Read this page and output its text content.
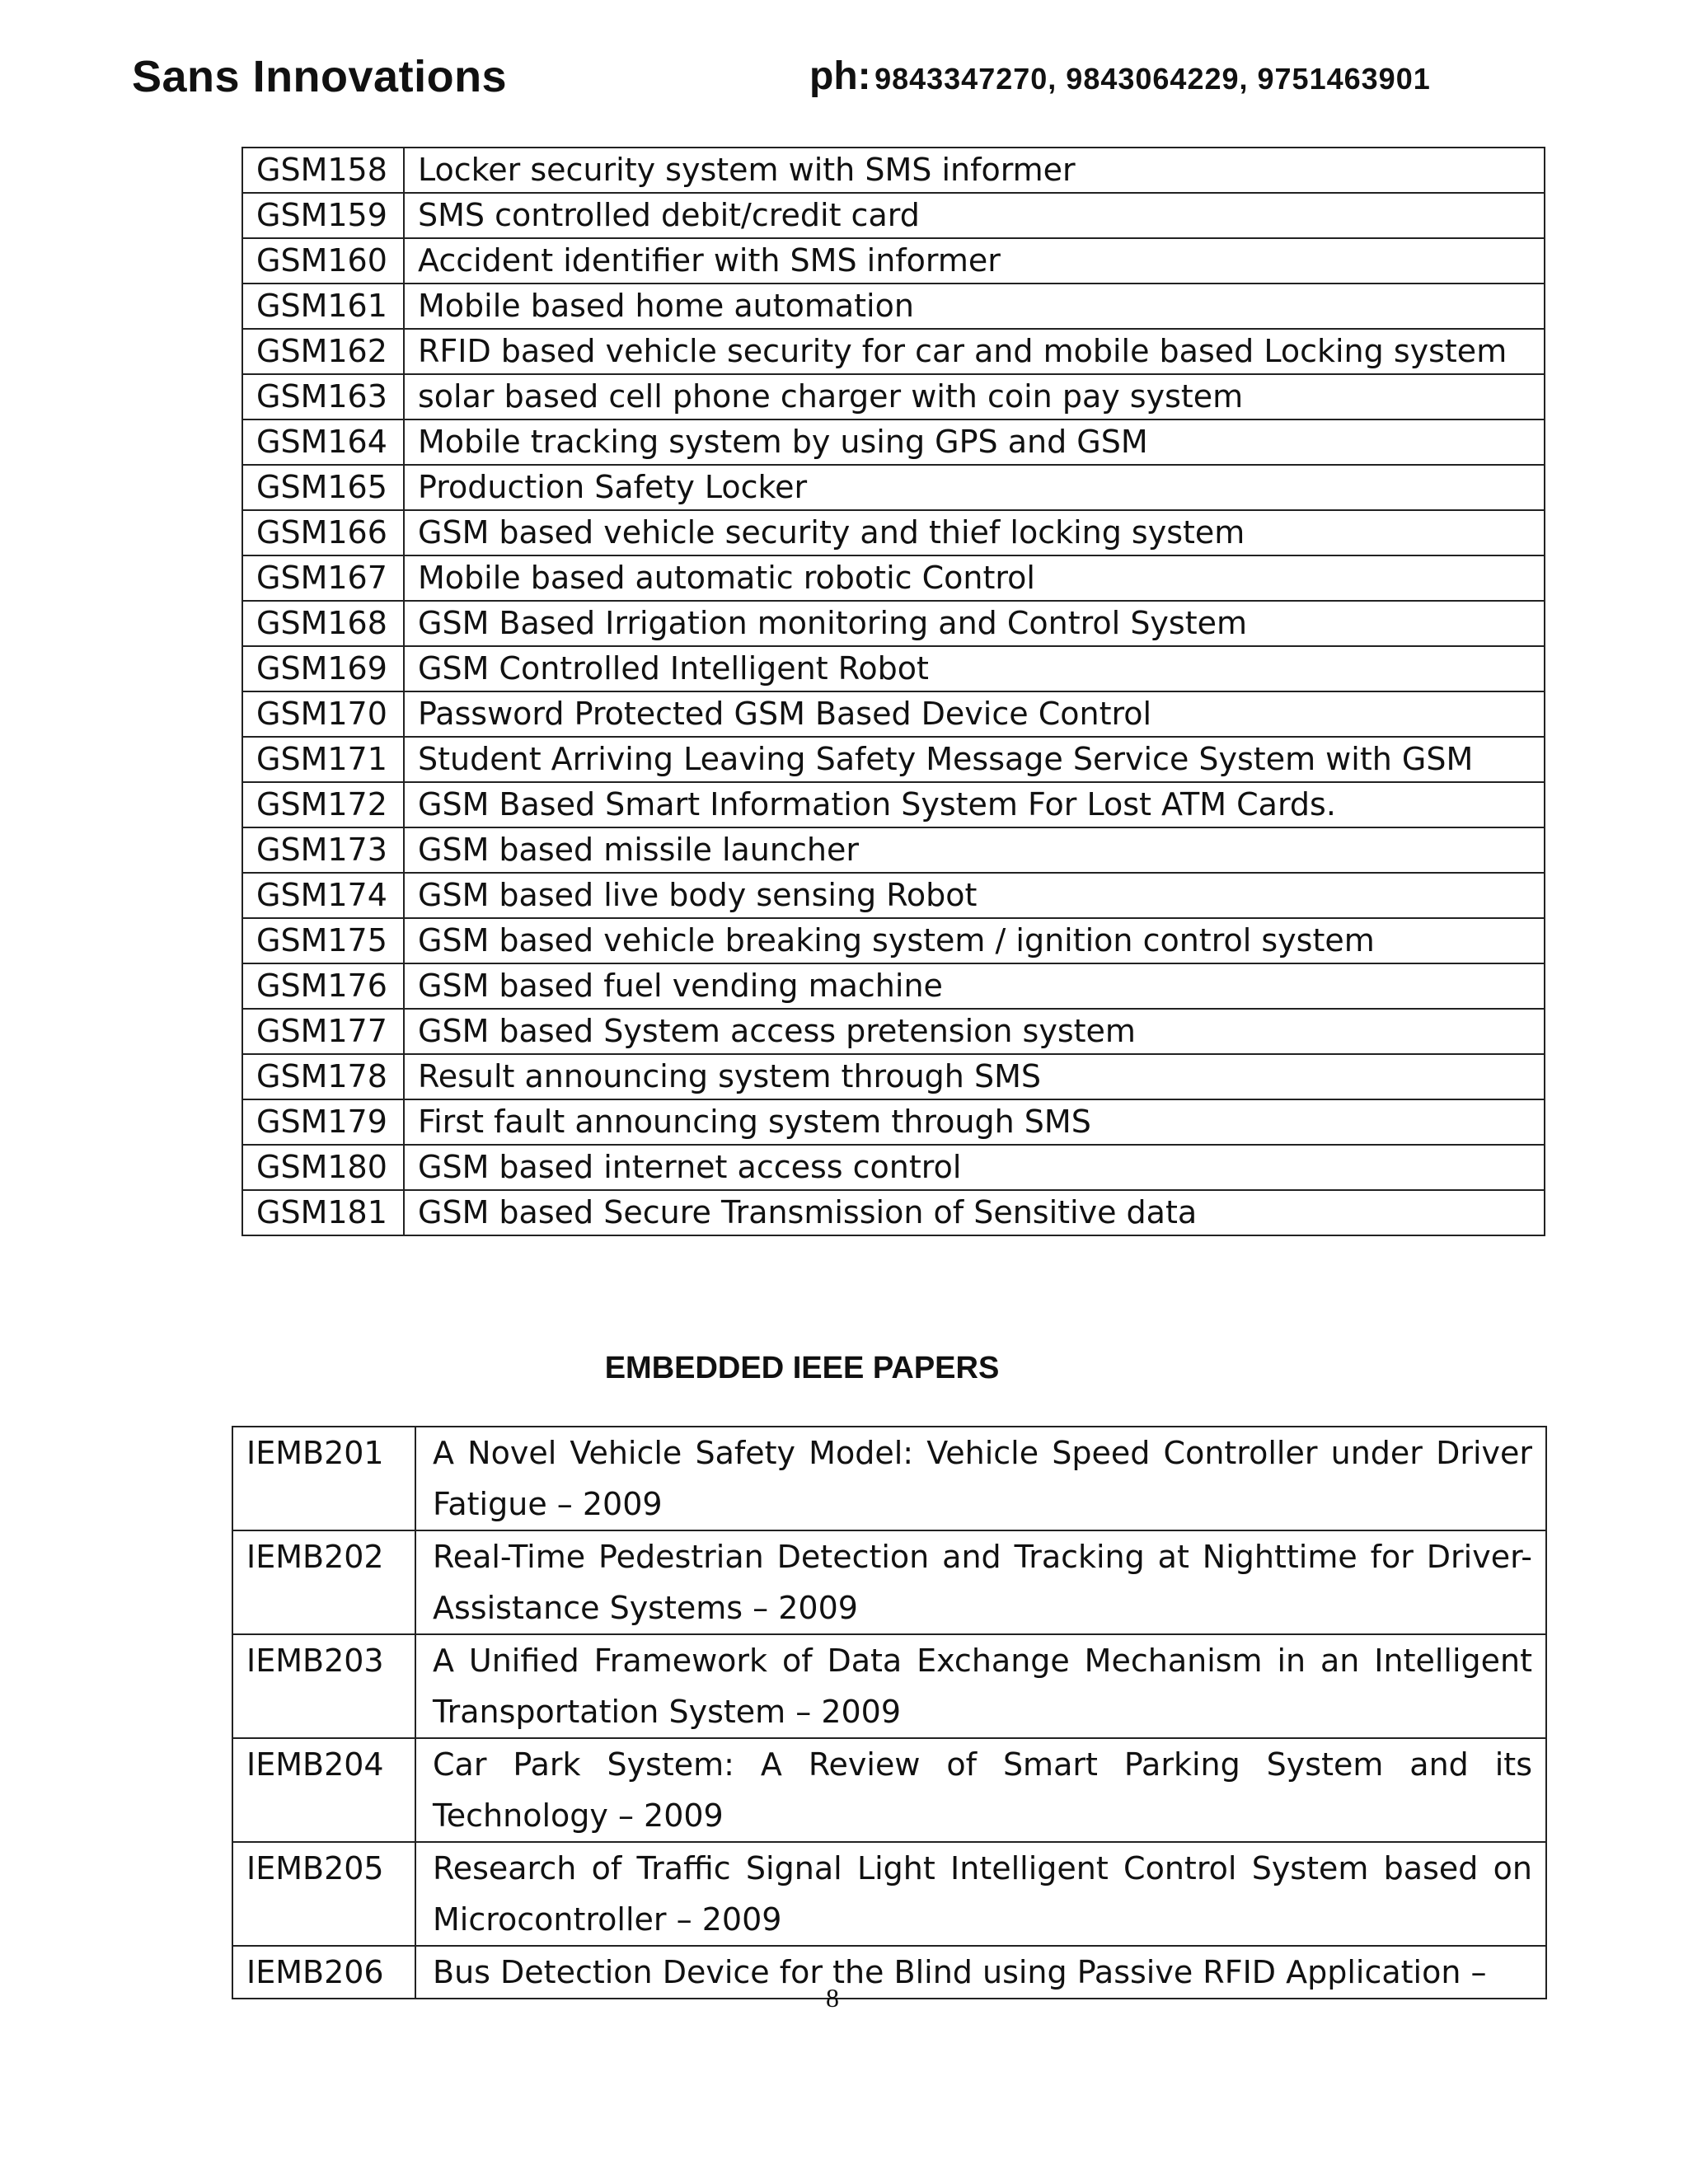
Sans Innovations	ph: 9843347270, 9843064229, 9751463901
GSM158	Locker security system with SMS informer
GSM159	SMS controlled debit/credit card
GSM160	Accident identifier with SMS informer
GSM161	Mobile based home automation
GSM162	RFID based vehicle security for car and mobile based Locking system
GSM163	solar based cell phone charger with coin pay system
GSM164	Mobile tracking system by using GPS and GSM
GSM165	Production Safety Locker
GSM166	GSM based vehicle security and thief locking system
GSM167	Mobile based automatic robotic Control
GSM168	GSM Based Irrigation monitoring and Control System
GSM169	GSM Controlled Intelligent Robot
GSM170	Password Protected GSM Based Device Control
GSM171	Student Arriving Leaving Safety Message Service System with GSM
GSM172	GSM Based Smart Information System For Lost ATM Cards.
GSM173	GSM based missile launcher
GSM174	GSM based live body sensing Robot
GSM175	GSM based vehicle breaking system / ignition control system
GSM176	GSM based fuel vending machine
GSM177	GSM based System access pretension system
GSM178	Result announcing system through SMS
GSM179	First fault announcing system through SMS
GSM180	GSM based internet access control
GSM181	GSM based Secure Transmission of Sensitive data
EMBEDDED IEEE PAPERS
IEMB201	A Novel Vehicle Safety Model: Vehicle Speed Controller under Driver Fatigue – 2009
IEMB202	Real-Time Pedestrian Detection and Tracking at Nighttime for Driver-Assistance Systems – 2009
IEMB203	A Unified Framework of Data Exchange Mechanism in an Intelligent Transportation System – 2009
IEMB204	Car Park System: A Review of Smart Parking System and its Technology – 2009
IEMB205	Research of Traffic Signal Light Intelligent Control System based on Microcontroller – 2009
IEMB206	Bus Detection Device for the Blind using Passive RFID Application –
8
